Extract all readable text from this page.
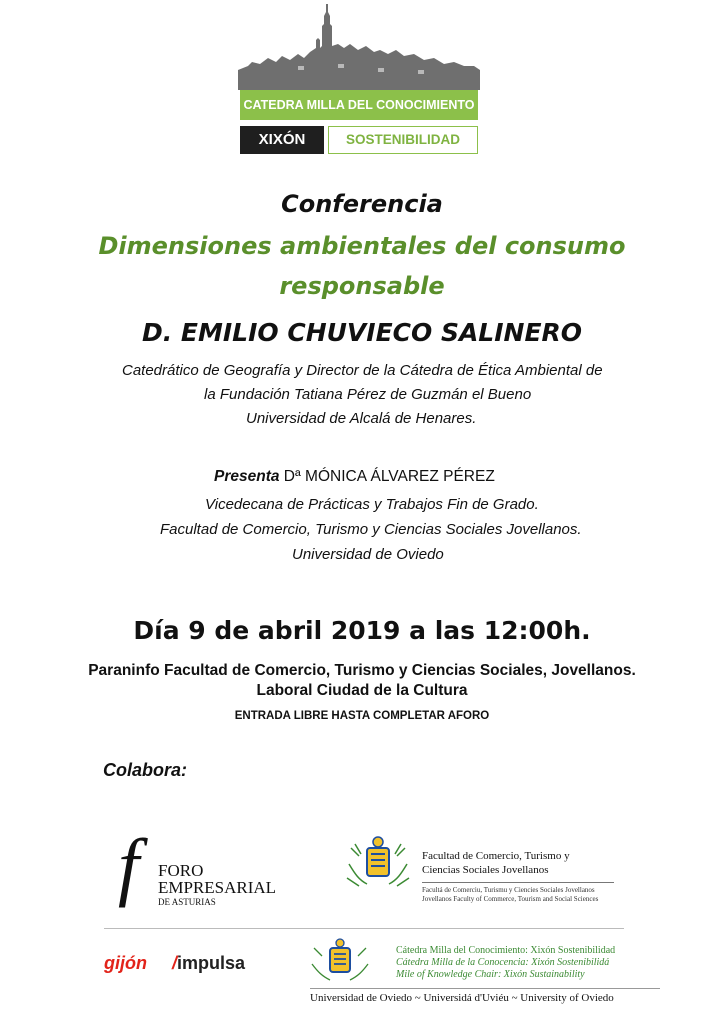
CATEDRA MILLA DEL CONOCIMIENTO
XIXÓN	SOSTENIBILIDAD
Conferencia
Dimensiones ambientales del consumo
responsable
D. EMILIO CHUVIECO SALINERO
Catedrático de Geografía y Director de la Cátedra de Ética Ambiental de
la Fundación Tatiana Pérez de Guzmán el Bueno
Universidad de Alcalá de Henares.
Presenta Dª MÓNICA ÁLVAREZ PÉREZ
Vicedecana de Prácticas y Trabajos Fin de Grado.
Facultad de Comercio, Turismo y Ciencias Sociales Jovellanos.
Universidad de Oviedo
Día 9 de abril 2019 a las 12:00h.
Paraninfo Facultad de Comercio, Turismo y Ciencias Sociales, Jovellanos.
Laboral Ciudad de la Cultura
ENTRADA LIBRE HASTA COMPLETAR AFORO
Colabora:
f FORO
EMPRESARIAL
DE ASTURIAS
Facultad de Comercio, Turismo y
Ciencias Sociales Jovellanos
Facultá de Comerciu, Turismu y Ciencies Sociales Jovellanos
Jovellanos Faculty of Commerce, Tourism and Social Sciences
gijón /impulsa
Cátedra Milla del Conocimiento: Xixón Sostenibilidad
Cátedra Milla de la Conocencia: Xixón Sostenibilidá
Mile of Knowledge Chair: Xixón Sustainability
Universidad de Oviedo ~ Universidá d'Uviéu ~ University of Oviedo
